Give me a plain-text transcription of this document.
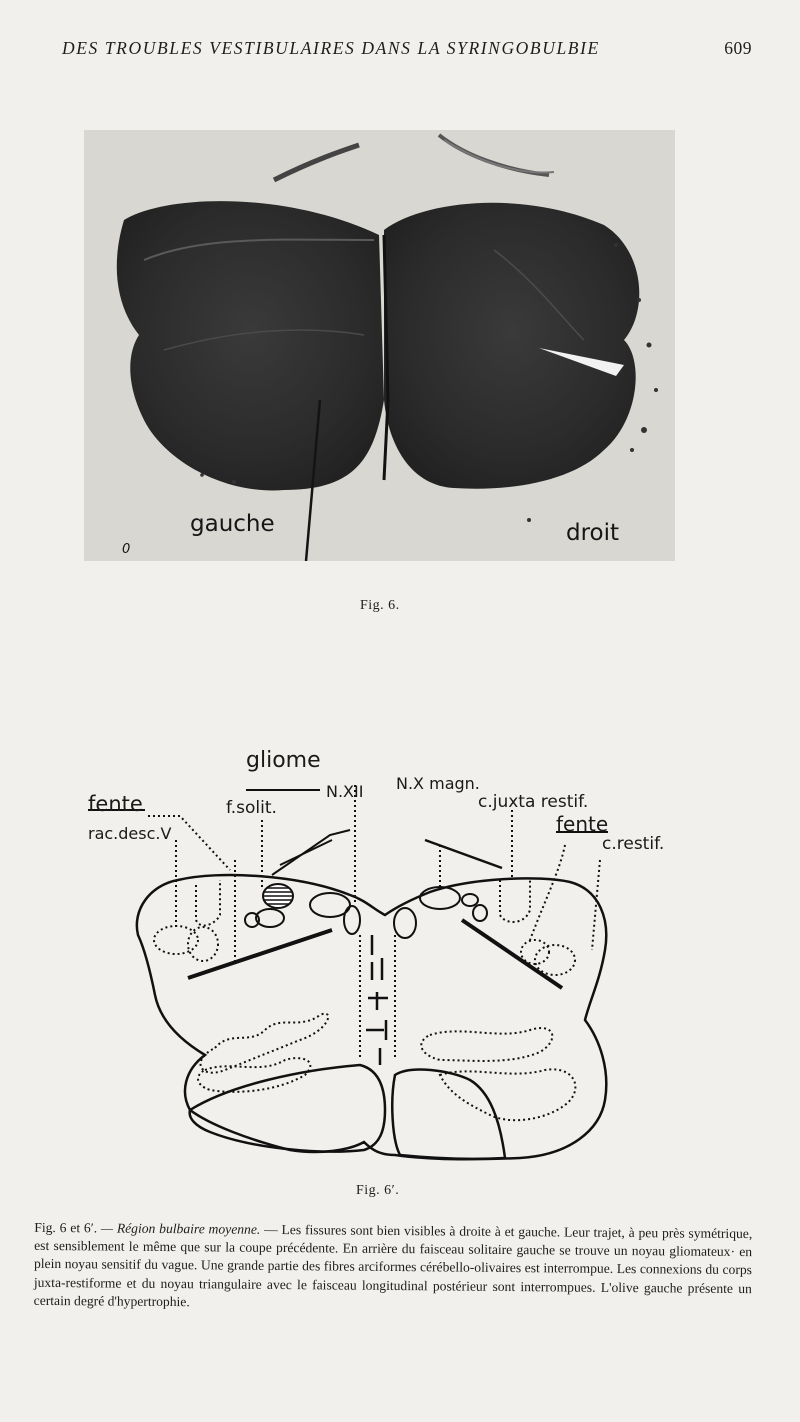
DES TROUBLES VESTIBULAIRES DANS LA SYRINGOBULBIE	609
gauche	droit
0
Fig. 6.
gliome
fente
rac.desc.V
f.solit.
N.XII N.X magn.
c.juxta restif.
fente
c.restif.
Fig. 6′.
Fig. 6 et 6′. — Région bulbaire moyenne. — Les fissures sont bien visibles à droite à et gauche. Leur trajet, à peu près symétrique, est sensiblement le même que sur la coupe précédente. En arrière du faisceau solitaire gauche se trouve un noyau gliomateux· en plein noyau sensitif du vague. Une grande partie des fibres arciformes cérébello-olivaires est interrompue. Les connexions du corps juxta-restiforme et du noyau triangulaire avec le faisceau longitudinal postérieur sont interrompues. L'olive gauche présente un certain degré d'hypertrophie.
